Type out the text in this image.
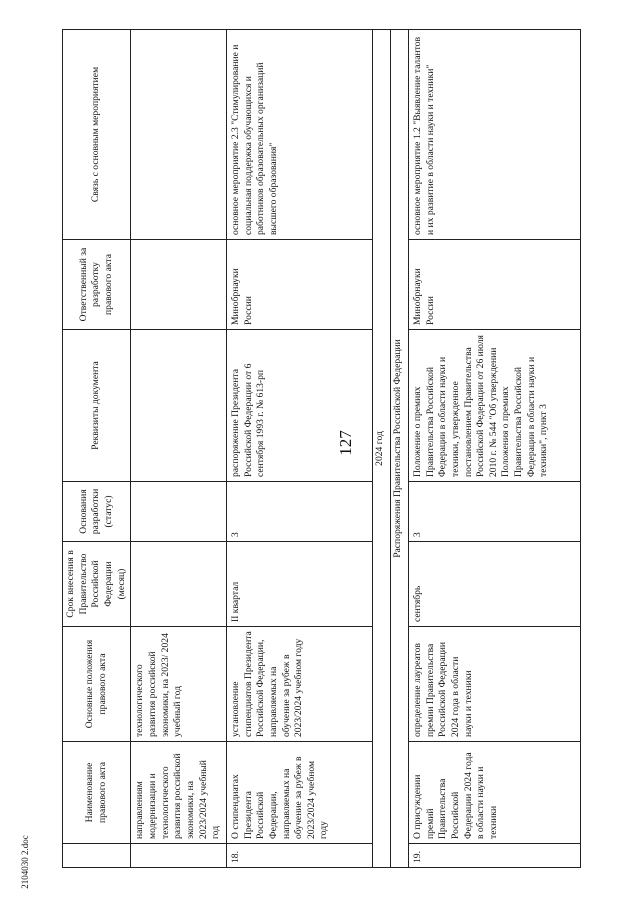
127
2104030 2.doc
	Наименование правового акта	Основные положения правового акта	Срок внесения в Правительство Российской Федерации (месяц)	Основания разработки (статус)	Реквизиты документа	Ответственный за разработку правового акта	Связь с основным мероприятием
	направлениям модернизации и технологического развития российской экономики, на 2023/2024 учебный год	технологического развития российской экономики, на 2023/ 2024 учебный год					
18.	О стипендиатах Президента Российской Федерации, направляемых на обучение за рубеж в 2023/2024 учебном году	установление стипендиатов Президента Российской Федерации, направляемых на обучение за рубеж в 2023/2024 учебном году	II квартал	3	распоряжение Президента Российской Федерации от 6 сентября 1993 г. № 613-рп	Минобрнауки России	основное мероприятие 2.3 "Стимулирование и социальная поддержка обучающихся и работников образовательных организаций высшего образования"
2024 год							
Распоряжения Правительства Российской Федерации							
19.	О присуждении премий Правительства Российской Федерации 2024 года в области науки и техники	определение лауреатов премии Правительства Российской Федерации 2024 года в области науки и техники	сентябрь	3	Положение о премиях Правительства Российской Федерации в области науки и техники, утвержденное постановлением Правительства Российской Федерации от 26 июля 2010 г. № 544 "Об утверждении Положения о премиях Правительства Российской Федерации в области науки и техники", пункт 3	Минобрнауки России	основное мероприятие 1.2 "Выявление талантов и их развитие в области науки и техники"
